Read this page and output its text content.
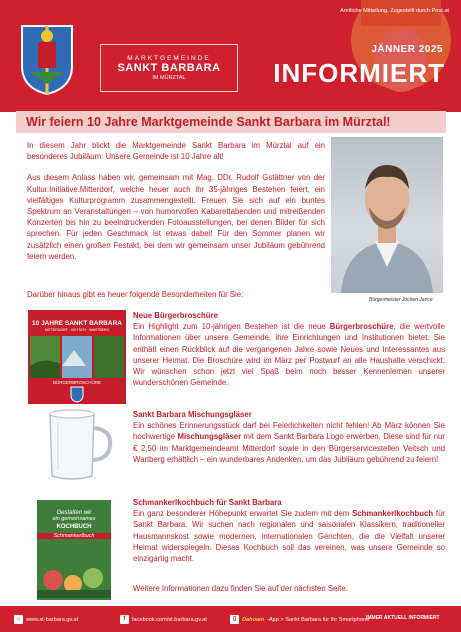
MARKTGEMEINDE
SANKT BARBARA
IM MÜRZTAL
Amtliche Mitteilung. Zugestellt durch Post.at
JÄNNER 2025
INFORMIERT
Wir feiern 10 Jahre Marktgemeinde Sankt Barbara im Mürztal!

In diesem Jahr blickt die Marktgemeinde Sankt Barbara im Mürztal auf ein besonderes Jubiläum: Unsere Gemeinde ist 10 Jahre alt!

Aus diesem Anlass haben wir, gemeinsam mit Mag. DDr. Rudolf Gstättner von der Kultur.Initiative.Mitterdorf, welche heuer auch ihr 35-jähriges Bestehen feiert, ein vielfältiges Kulturprogramm zusammengestellt. Freuen Sie sich auf ein buntes Spektrum an Veranstaltungen – von humorvollen Kabarettabenden und mitreißenden Konzerten bis hin zu beeindruckenden Fotoausstellungen, bei denen Bilder für sich sprechen. Für jeden Geschmack ist etwas dabei! Für den Sommer planen wir zusätzlich einen großen Festakt, bei dem wir gemeinsam unser Jubiläum gebührend feiern werden.

Bürgermeister Jochen Jance
Darüber hinaus gibt es heuer folgende Besonderheiten für Sie:
10 JAHRE SANKT BARBARA
MITTERDORF · VEITSCH · WARTBERG
BÜRGERBROSCHÜRE
Neue Bürgerbroschüre

Ein Highlight zum 10-jährigen Bestehen ist die neue Bürgerbroschüre, die wertvolle Informationen über unsere Gemeinde, ihre Einrichtungen und Institutionen bietet. Sie enthält einen Rückblick auf die vergangenen Jahre sowie Neues und Interessantes aus unserer Heimat. Die Broschüre wird im März per Postwurf an alle Haushalte verschickt. Wir wünschen schon jetzt viel Spaß beim noch besser Kennenlernen unserer wunderschönen Gemeinde.

Sankt Barbara Mischungsgläser

Ein schönes Erinnerungsstück darf bei Feierlichkeiten nicht fehlen! Ab März können Sie hochwertige Mischungsgläser mit dem Sankt Barbara Logo erwerben. Diese sind für nur € 2,50 im Marktgemeindeamt Mitterdorf sowie in den Bürgerservicestellen Veitsch und Wartberg erhältlich – ein wunderbares Andenken, um das Jubiläum gebührend zu feiern!

Gestalten wir
ein gemeinsames
KOCHBUCH
Schmankerlbuch
Schmankerlkochbuch für Sankt Barbara

Ein ganz besonderer Höhepunkt erwartet Sie zudem mit dem Schmankerlkochbuch für Sankt Barbara. Wir suchen nach regionalen und saisonalen Klassikern, traditioneller Hausmannskost sowie modernen, internationalen Gerichten, die die Vielfalt unserer Heimat widerspiegeln. Dieses Kochbuch soll das vereinen, was unsere Gemeinde so einzigartig macht.

Weitere Informationen dazu finden Sie auf der nächsten Seite.
⌂	www.st-barbara.gv.at	f	facebook.com/st.barbara.gv.at	▯	Dahoam -App > Sankt Barbara für Ihr Smartphone
IMMER AKTUELL INFORMIERT
